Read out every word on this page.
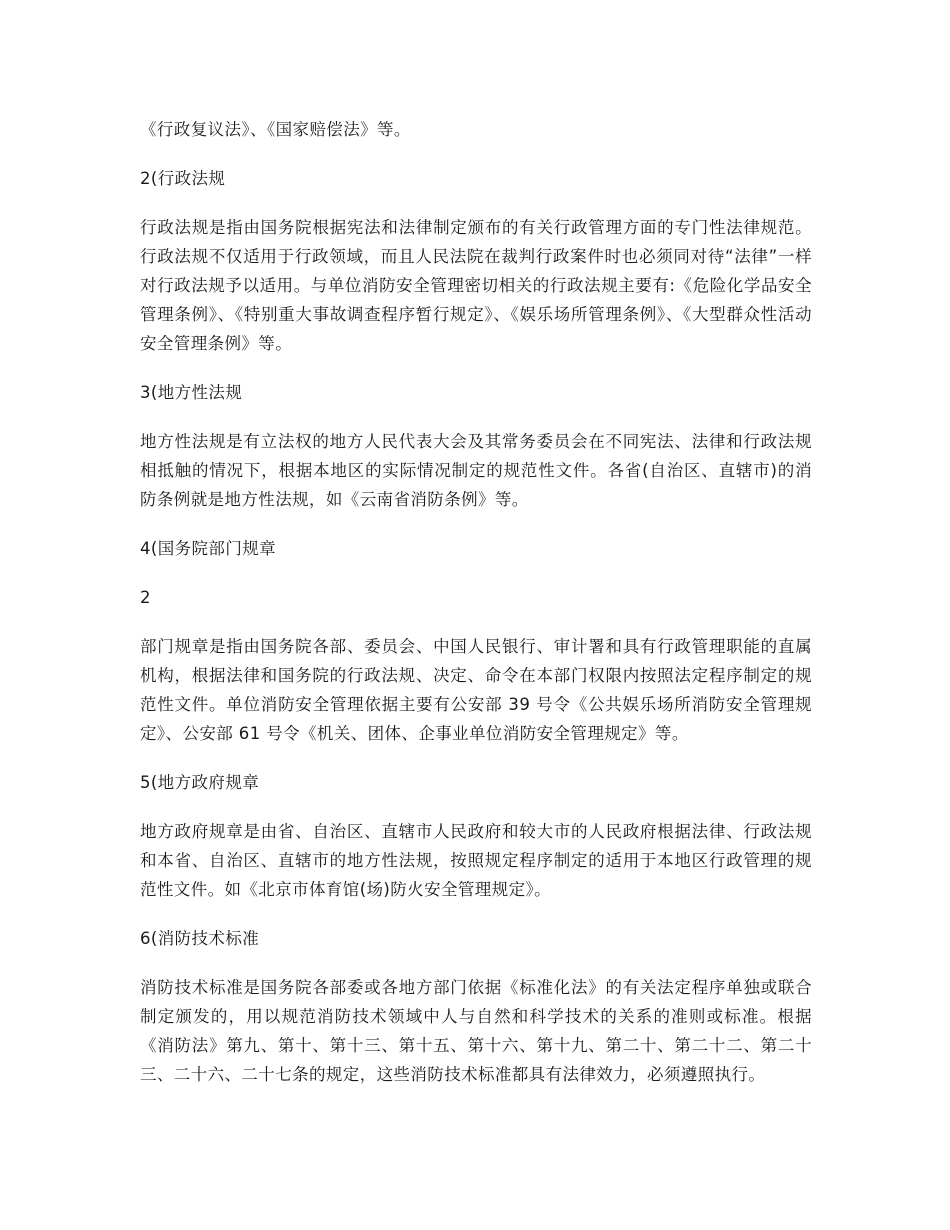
《行政复议法》、《国家赔偿法》等。

2(行政法规

行政法规是指由国务院根据宪法和法律制定颁布的有关行政管理方面的专门性法律规范。行政法规不仅适用于行政领域，而且人民法院在裁判行政案件时也必须同对待“法律”一样对行政法规予以适用。与单位消防安全管理密切相关的行政法规主要有:《危险化学品安全管理条例》、《特别重大事故调查程序暂行规定》、《娱乐场所管理条例》、《大型群众性活动安全管理条例》等。

3(地方性法规

地方性法规是有立法权的地方人民代表大会及其常务委员会在不同宪法、法律和行政法规相抵触的情况下，根据本地区的实际情况制定的规范性文件。各省(自治区、直辖市)的消防条例就是地方性法规，如《云南省消防条例》等。

4(国务院部门规章

2

部门规章是指由国务院各部、委员会、中国人民银行、审计署和具有行政管理职能的直属机构，根据法律和国务院的行政法规、决定、命令在本部门权限内按照法定程序制定的规范性文件。单位消防安全管理依据主要有公安部 39 号令《公共娱乐场所消防安全管理规定》、公安部 61 号令《机关、团体、企事业单位消防安全管理规定》等。

5(地方政府规章

地方政府规章是由省、自治区、直辖市人民政府和较大市的人民政府根据法律、行政法规和本省、自治区、直辖市的地方性法规，按照规定程序制定的适用于本地区行政管理的规范性文件。如《北京市体育馆(场)防火安全管理规定》。

6(消防技术标准

消防技术标准是国务院各部委或各地方部门依据《标准化法》的有关法定程序单独或联合制定颁发的，用以规范消防技术领域中人与自然和科学技术的关系的准则或标准。根据《消防法》第九、第十、第十三、第十五、第十六、第十九、第二十、第二十二、第二十三、二十六、二十七条的规定，这些消防技术标准都具有法律效力，必须遵照执行。
